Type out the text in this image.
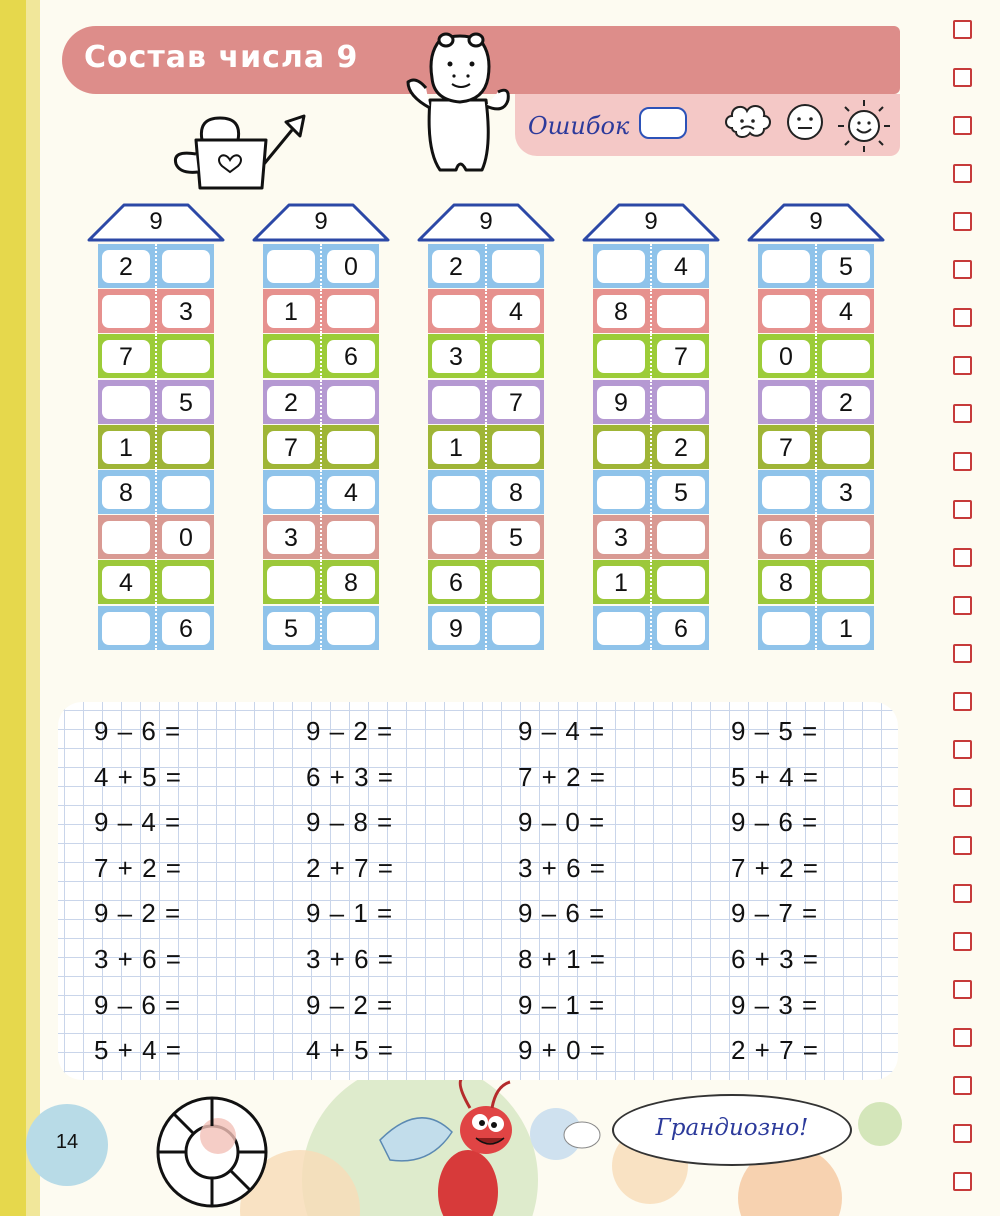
Состав числа 9
Ошибок
9
2
3
7
5
1
8
0
4
6
9
0
1
6
2
7
4
3
8
5
9
2
4
3
7
1
8
5
6
9
9
4
8
7
9
2
5
3
1
6
9
5
4
0
2
7
3
6
8
1
9 – 6 =
4 + 5 =
9 – 4 =
7 + 2 =
9 – 2 =
3 + 6 =
9 – 6 =
5 + 4 =
9 – 2 =
6 + 3 =
9 – 8 =
2 + 7 =
9 – 1 =
3 + 6 =
9 – 2 =
4 + 5 =
9 – 4 =
7 + 2 =
9 – 0 =
3 + 6 =
9 – 6 =
8 + 1 =
9 – 1 =
9 + 0 =
9 – 5 =
5 + 4 =
9 – 6 =
7 + 2 =
9 – 7 =
6 + 3 =
9 – 3 =
2 + 7 =
14
Грандиозно!
